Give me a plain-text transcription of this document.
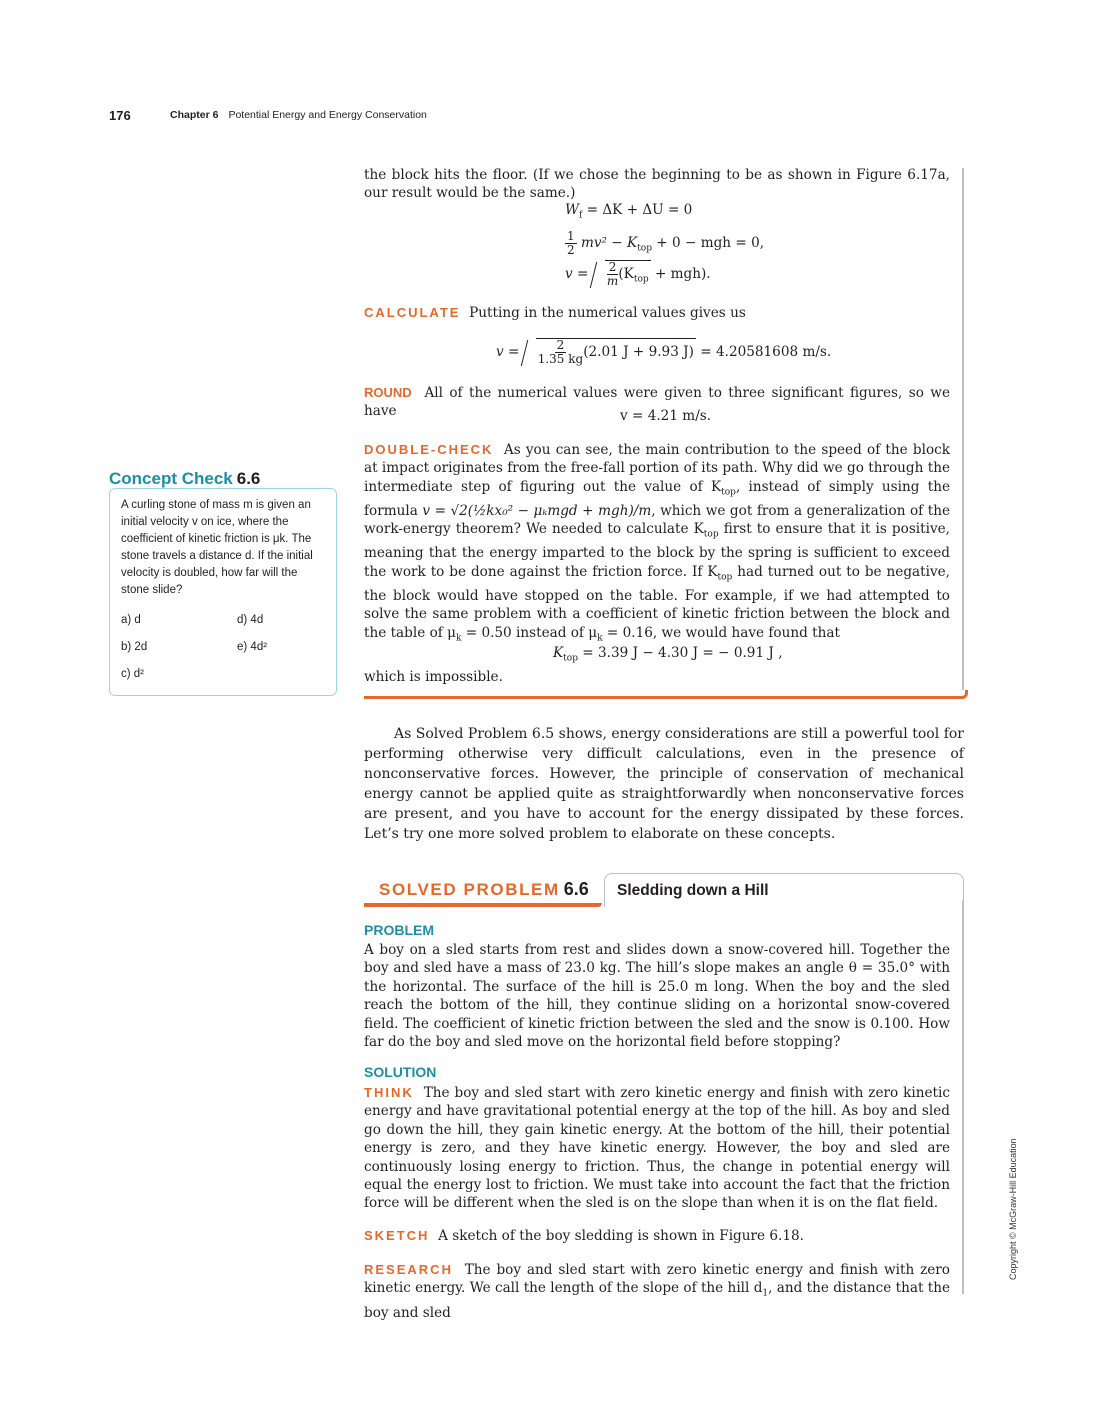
176	Chapter 6 Potential Energy and Energy Conservation
the block hits the floor. (If we chose the beginning to be as shown in Figure 6.17a, our result would be the same.)
$W_f = \Delta K + \Delta U = 0$
$\frac{1}{2} mv^2 - K_{top} + 0$ − mgh = 0,
$v = \frac{2}{m} (K_{top} + mgh)$.
CALCULATE Putting in the numerical values gives us
$v = \frac{2}{1.35 kg} (2.01$ J + 9.93 J) = 4.20581608 m/s.
ROUND All of the numerical values were given to three significant figures, so we have	v = 4.21 m/s.
DOUBLE-CHECK As you can see, the main contribution to the speed of the block at impact originates from the free-fall portion of its path. Why did we go through the intermediate step of figuring out the value of $K_{top}$, instead of simply using the formula v = √2(½kx₀² − μₖmgd + mgh)/m, which we got from a generalization of the work-energy theorem? We needed to calculate $K_{top}$ first to ensure that it is positive, meaning that the energy imparted to the block by the spring is sufficient to exceed the work to be done against the friction force. If $K_{top}$ had turned out to be negative, the block would have stopped on the table. For example, if we had attempted to solve the same problem with a coefficient of kinetic friction between the block and the table of $\mu_k = 0.50$ instead of $\mu_k = 0.16$, we would have found that
$K_{top} = 3.39$ J − 4.30 J = − 0.91 J ,
which is impossible.
Concept Check 6.6
A curling stone of mass m is given an initial velocity v on ice, where the coefficient of kinetic friction is μk. The stone travels a distance d. If the initial velocity is doubled, how far will the stone slide?
a) d	d) 4d
b) 2d	e) 4d²
c) d²
As Solved Problem 6.5 shows, energy considerations are still a powerful tool for performing otherwise very difficult calculations, even in the presence of nonconservative forces. However, the principle of conservation of mechanical energy cannot be applied quite as straightforwardly when nonconservative forces are present, and you have to account for the energy dissipated by these forces. Let’s try one more solved problem to elaborate on these concepts.
SOLVED PROBLEM 6.6 Sledding down a Hill
PROBLEM
A boy on a sled starts from rest and slides down a snow-covered hill. Together the boy and sled have a mass of 23.0 kg. The hill’s slope makes an angle θ = 35.0° with the horizontal. The surface of the hill is 25.0 m long. When the boy and the sled reach the bottom of the hill, they continue sliding on a horizontal snow-covered field. The coefficient of kinetic friction between the sled and the snow is 0.100. How far do the boy and sled move on the horizontal field before stopping?
SOLUTION
THINK The boy and sled start with zero kinetic energy and finish with zero kinetic energy and have gravitational potential energy at the top of the hill. As boy and sled go down the hill, they gain kinetic energy. At the bottom of the hill, their potential energy is zero, and they have kinetic energy. However, the boy and sled are continuously losing energy to friction. Thus, the change in potential energy will equal the energy lost to friction. We must take into account the fact that the friction force will be different when the sled is on the slope than when it is on the flat field.
SKETCH A sketch of the boy sledding is shown in Figure 6.18.
RESEARCH The boy and sled start with zero kinetic energy and finish with zero kinetic energy. We call the length of the slope of the hill $d_1$, and the distance that the boy and sled
Copyright © McGraw-Hill Education
